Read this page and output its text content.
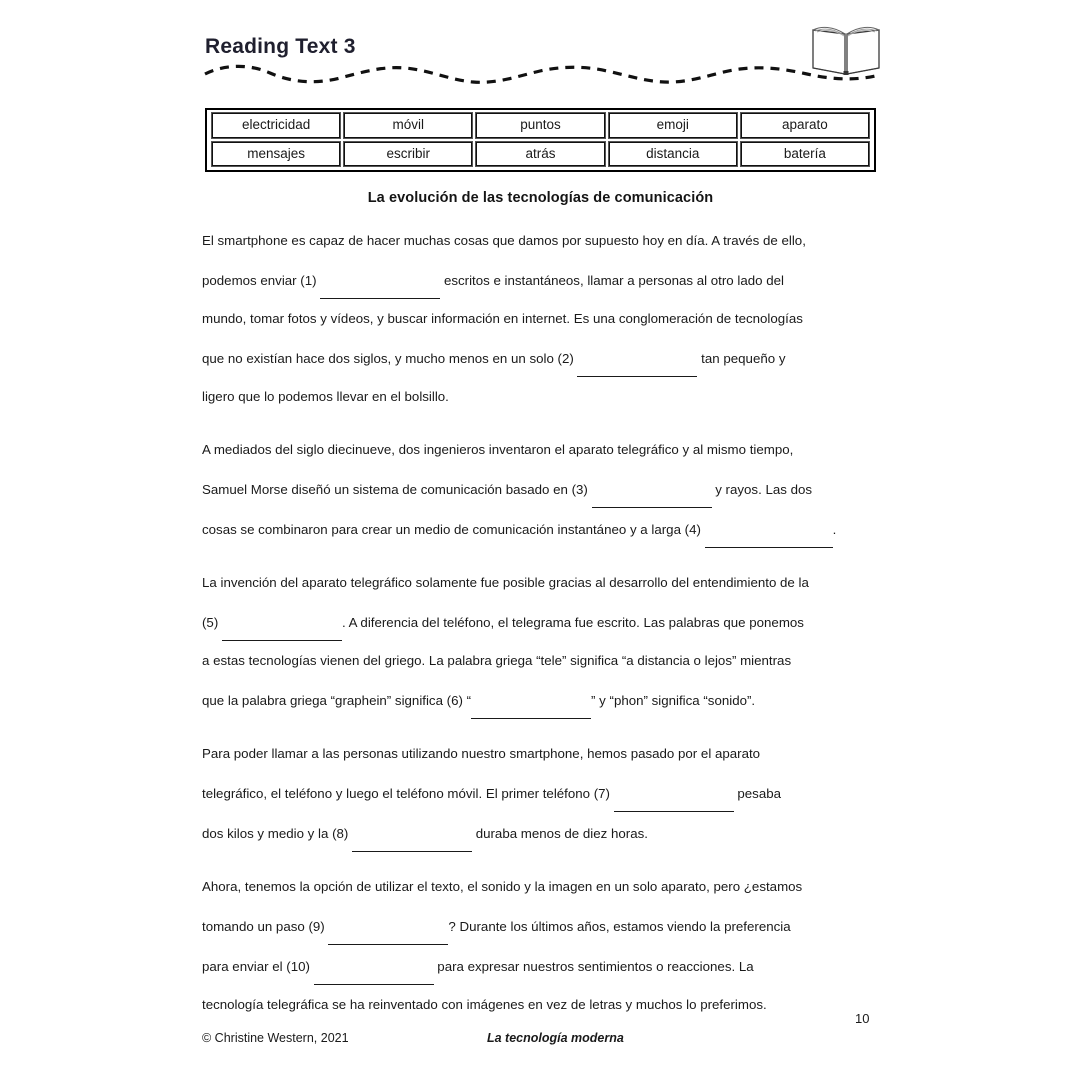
Reading Text 3
electricidad	móvil	puntos	emoji	aparato
mensajes	escribir	atrás	distancia	batería
La evolución de las tecnologías de comunicación
El smartphone es capaz de hacer muchas cosas que damos por supuesto hoy en día. A través de ello,
podemos enviar (1)	escritos e instantáneos, llamar a personas al otro lado del
mundo, tomar fotos y vídeos, y buscar información en internet. Es una conglomeración de tecnologías
que no existían hace dos siglos, y mucho menos en un solo (2)	tan pequeño y
ligero que lo podemos llevar en el bolsillo.
A mediados del siglo diecinueve, dos ingenieros inventaron el aparato telegráfico y al mismo tiempo,
Samuel Morse diseñó un sistema de comunicación basado en (3)	y rayos. Las dos
cosas se combinaron para crear un medio de comunicación instantáneo y a larga (4)	.
La invención del aparato telegráfico solamente fue posible gracias al desarrollo del entendimiento de la
(5)	. A diferencia del teléfono, el telegrama fue escrito. Las palabras que ponemos
a estas tecnologías vienen del griego. La palabra griega “tele” significa “a distancia o lejos” mientras
que la palabra griega “graphein” significa (6) “	” y “phon” significa “sonido”.
Para poder llamar a las personas utilizando nuestro smartphone, hemos pasado por el aparato
telegráfico, el teléfono y luego el teléfono móvil. El primer teléfono (7)	pesaba
dos kilos y medio y la (8)	duraba menos de diez horas.
Ahora, tenemos la opción de utilizar el texto, el sonido y la imagen en un solo aparato, pero ¿estamos
tomando un paso (9)	? Durante los últimos años, estamos viendo la preferencia
para enviar el (10)	para expresar nuestros sentimientos o reacciones. La
tecnología telegráfica se ha reinventado con imágenes en vez de letras y muchos lo preferimos.
© Christine Western, 2021	La tecnología moderna
10
